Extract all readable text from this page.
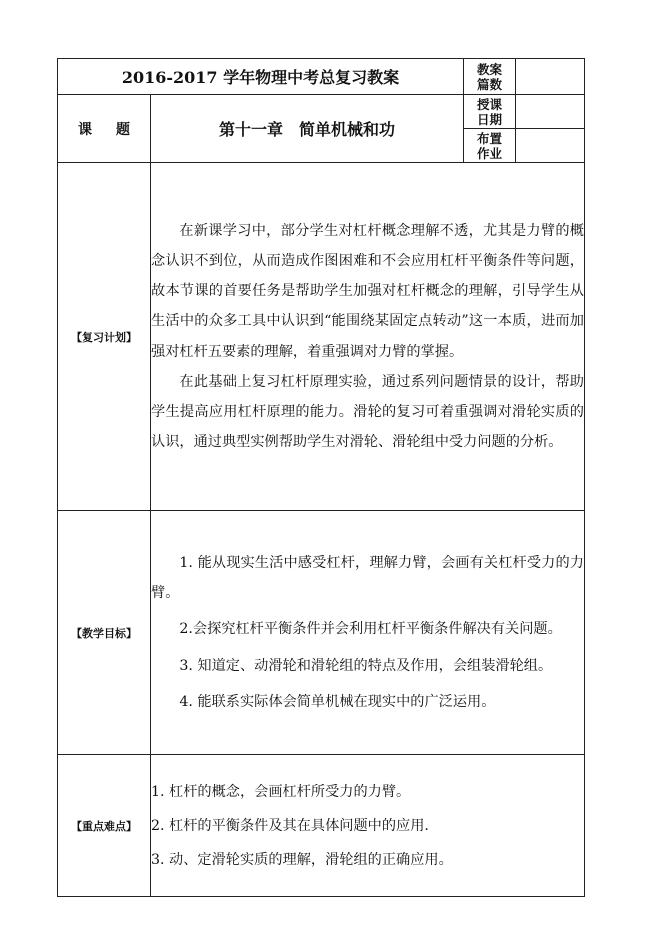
2016-2017 学年物理中考总复习教案		教案篇数	
课 题	第十一章　简单机械和功	授课日期	
		布置作业	
【复习计划】	在新课学习中，部分学生对杠杆概念理解不透，尤其是力臂的概念认识不到位，从而造成作图困难和不会应用杠杆平衡条件等问题，故本节课的首要任务是帮助学生加强对杠杆概念的理解，引导学生从生活中的众多工具中认识到“能围绕某固定点转动”这一本质，进而加强对杠杆五要素的理解，着重强调对力臂的掌握。

在此基础上复习杠杆原理实验，通过系列问题情景的设计，帮助学生提高应用杠杆原理的能力。滑轮的复习可着重强调对滑轮实质的认识，通过典型实例帮助学生对滑轮、滑轮组中受力问题的分析。		

【教学目标】	1. 能从现实生活中感受杠杆，理解力臂，会画有关杠杆受力的力臂。

2.会探究杠杆平衡条件并会利用杠杆平衡条件解决有关问题。

3. 知道定、动滑轮和滑轮组的特点及作用，会组装滑轮组。

4. 能联系实际体会简单机械在现实中的广泛运用。		

【重点难点】	1. 杠杆的概念，会画杠杆所受力的力臂。
2. 杠杆的平衡条件及其在具体问题中的应用.
3. 动、定滑轮实质的理解，滑轮组的正确应用。		
